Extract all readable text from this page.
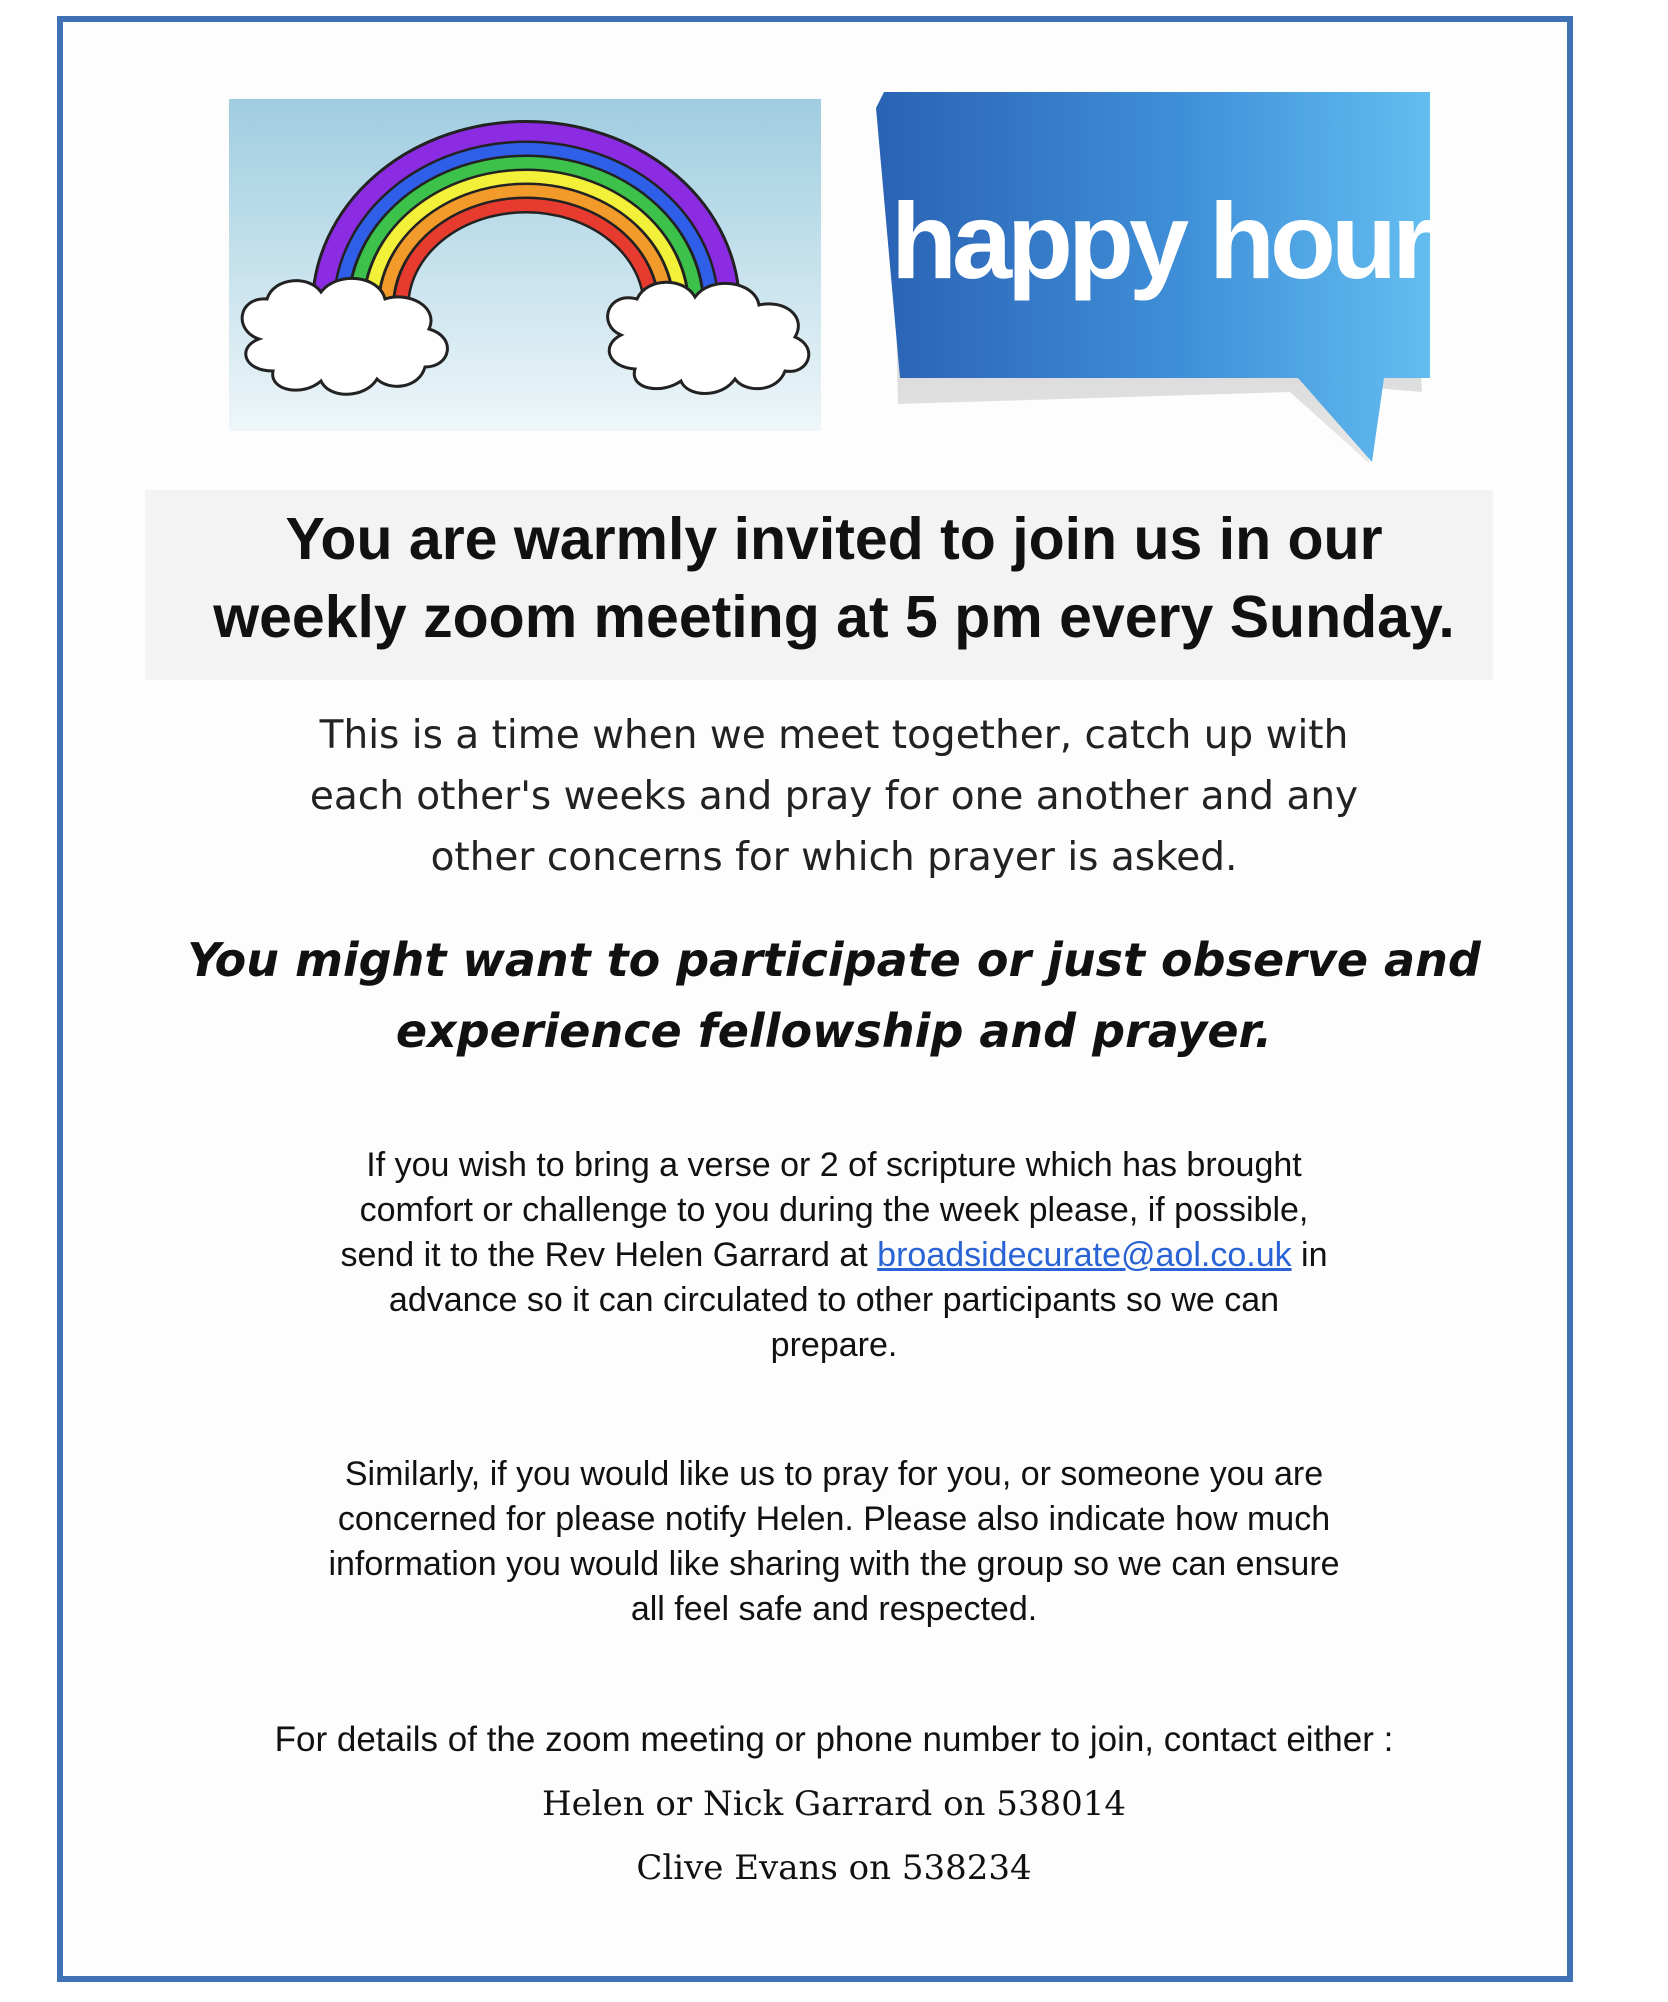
happy hour
You are warmly invited to join us in our
weekly zoom meeting at 5 pm every Sunday.

This is a time when we meet together, catch up with
each other's weeks and pray for one another and any
other concerns for which prayer is asked.

You might want to participate or just observe and
experience fellowship and prayer.

If you wish to bring a verse or 2 of scripture which has brought
comfort or challenge to you during the week please, if possible,
send it to the Rev Helen Garrard at broadsidecurate@aol.co.uk in
advance so it can circulated to other participants so we can
prepare.

Similarly, if you would like us to pray for you, or someone you are
concerned for please notify Helen. Please also indicate how much
information you would like sharing with the group so we can ensure
all feel safe and respected.

For details of the zoom meeting or phone number to join, contact either :

Helen or Nick Garrard on 538014

Clive Evans on 538234
